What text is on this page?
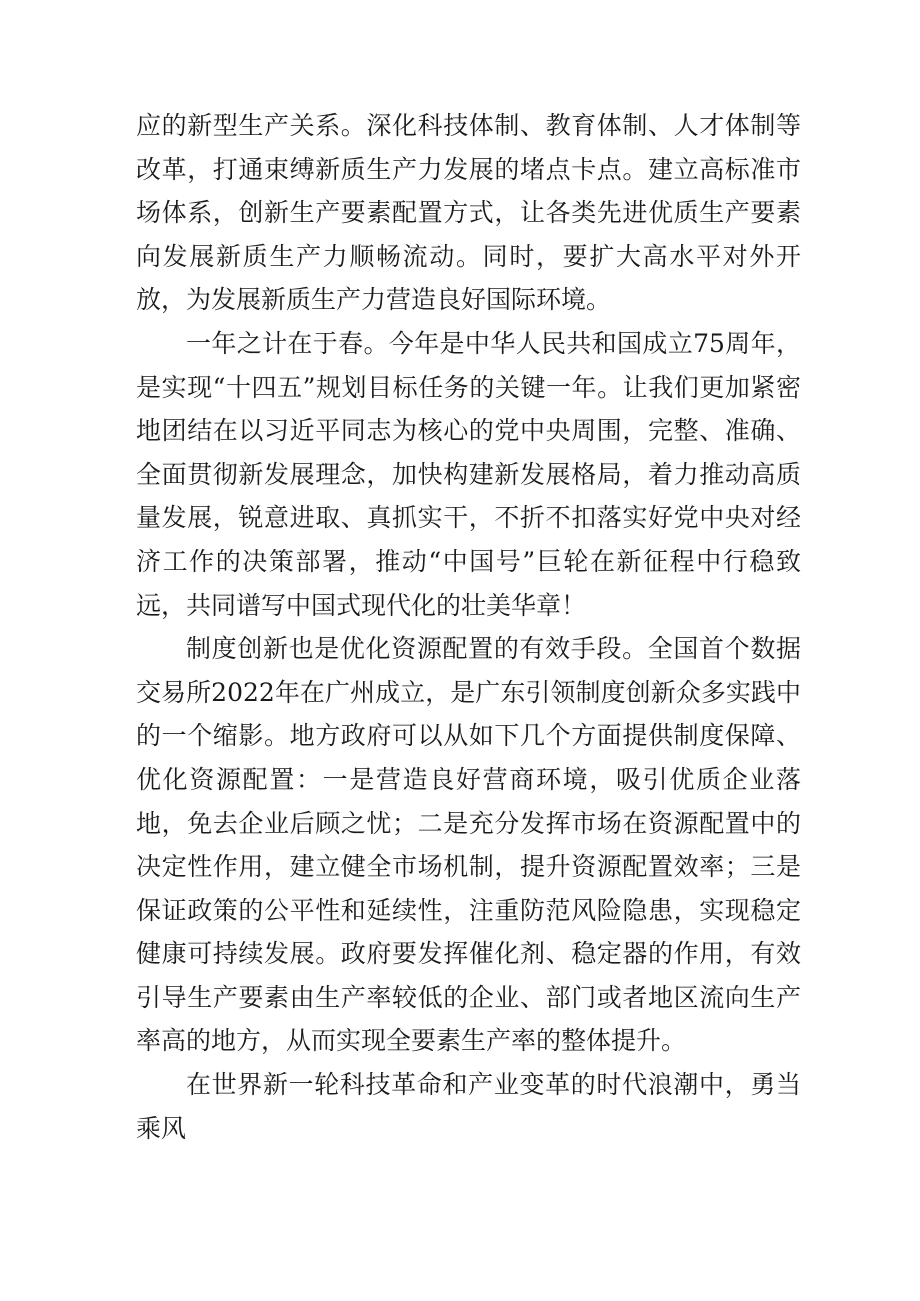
应的新型生产关系。深化科技体制、教育体制、人才体制等改革，打通束缚新质生产力发展的堵点卡点。建立高标准市场体系，创新生产要素配置方式，让各类先进优质生产要素向发展新质生产力顺畅流动。同时，要扩大高水平对外开放，为发展新质生产力营造良好国际环境。

一年之计在于春。今年是中华人民共和国成立75周年，是实现“十四五”规划目标任务的关键一年。让我们更加紧密地团结在以习近平同志为核心的党中央周围，完整、准确、全面贯彻新发展理念，加快构建新发展格局，着力推动高质量发展，锐意进取、真抓实干，不折不扣落实好党中央对经济工作的决策部署，推动“中国号”巨轮在新征程中行稳致远，共同谱写中国式现代化的壮美华章！

制度创新也是优化资源配置的有效手段。全国首个数据交易所2022年在广州成立，是广东引领制度创新众多实践中的一个缩影。地方政府可以从如下几个方面提供制度保障、优化资源配置：一是营造良好营商环境，吸引优质企业落地，免去企业后顾之忧；二是充分发挥市场在资源配置中的决定性作用，建立健全市场机制，提升资源配置效率；三是保证政策的公平性和延续性，注重防范风险隐患，实现稳定健康可持续发展。政府要发挥催化剂、稳定器的作用，有效引导生产要素由生产率较低的企业、部门或者地区流向生产率高的地方，从而实现全要素生产率的整体提升。

在世界新一轮科技革命和产业变革的时代浪潮中，勇当乘风
